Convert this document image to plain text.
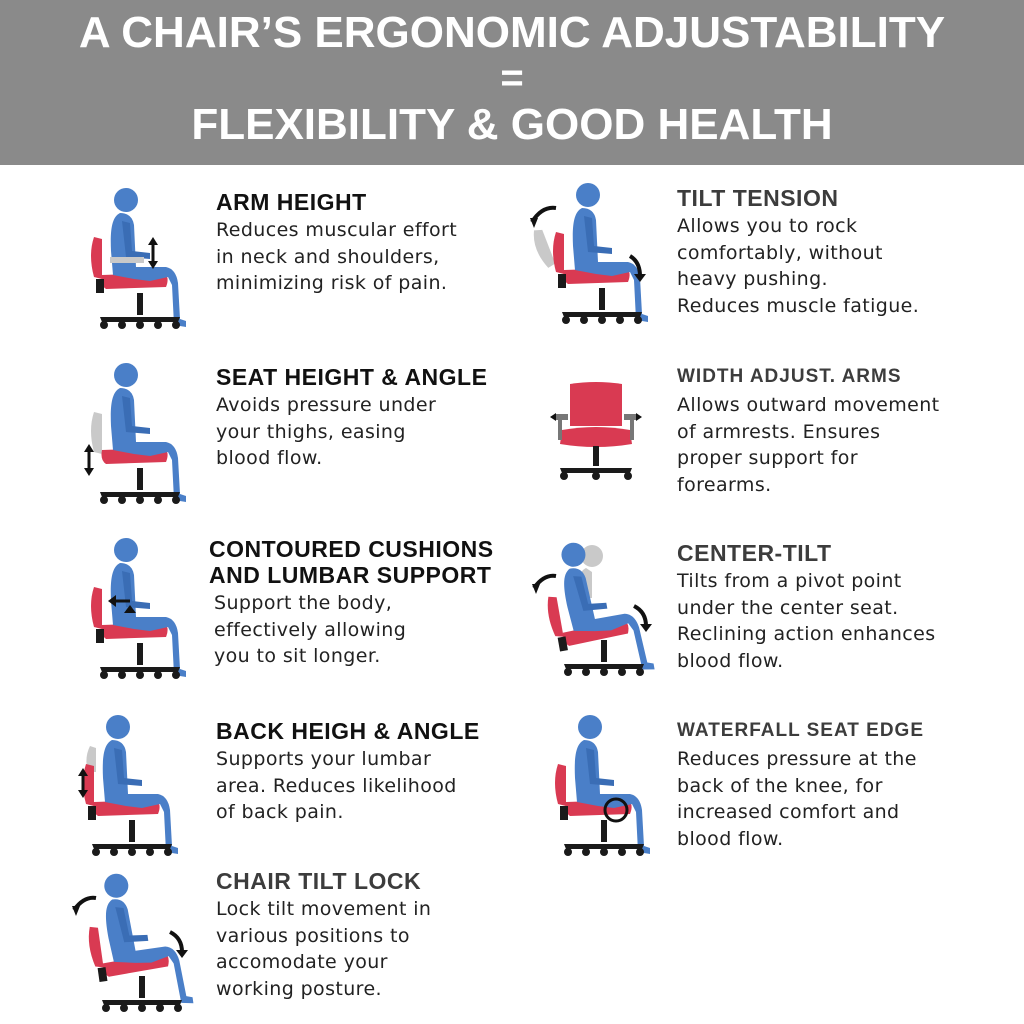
A CHAIR’S ERGONOMIC ADJUSTABILITY
=
FLEXIBILITY & GOOD HEALTH
ARM HEIGHT
Reduces muscular effort
in neck and shoulders,
minimizing risk of pain.
SEAT HEIGHT & ANGLE
Avoids pressure under
your thighs, easing
blood flow.
CONTOURED CUSHIONS
AND LUMBAR SUPPORT
Support the body,
effectively allowing
you to sit longer.
BACK HEIGH & ANGLE
Supports your lumbar
area. Reduces likelihood
of back pain.
CHAIR TILT LOCK
Lock tilt movement in
various positions to
accomodate your
working posture.
TILT TENSION
Allows you to rock
comfortably, without
heavy pushing.
Reduces muscle fatigue.
WIDTH ADJUST. ARMS
Allows outward movement
of armrests. Ensures
proper support for
forearms.
CENTER-TILT
Tilts from a pivot point
under the center seat.
Reclining action enhances
blood flow.
WATERFALL SEAT EDGE
Reduces pressure at the
back of the knee, for
increased comfort and
blood flow.
